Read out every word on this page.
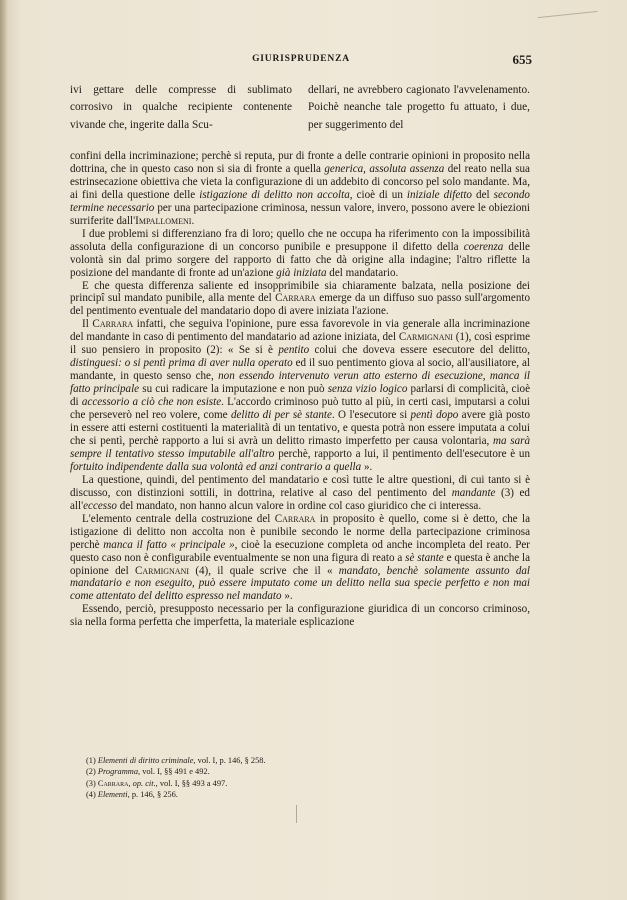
GIURISPRUDENZA	655
ivi gettare delle compresse di sublimato corrosivo in qualche recipiente contenente vivande che, ingerite dalla Scu-
dellari, ne avrebbero cagionato l'avvelenamento. Poichè neanche tale progetto fu attuato, i due, per suggerimento del

confini della incriminazione; perchè si reputa, pur di fronte a delle contrarie opinioni in proposito nella dottrina, che in questo caso non si sia di fronte a quella generica, assoluta assenza del reato nella sua estrinsecazione obiettiva che vieta la configurazione di un addebito di concorso pel solo mandante. Ma, ai fini della questione delle istigazione di delitto non accolta, cioè di un iniziale difetto del secondo termine necessario per una partecipazione criminosa, nessun valore, invero, possono avere le obiezioni surriferite dall'Impallomeni.

I due problemi si differenziano fra di loro; quello che ne occupa ha riferimento con la impossibilità assoluta della configurazione di un concorso punibile e presuppone il difetto della coerenza delle volontà sin dal primo sorgere del rapporto di fatto che dà origine alla indagine; l'altro riflette la posizione del mandante di fronte ad un'azione già iniziata del mandatario.

E che questa differenza saliente ed insopprimibile sia chiaramente balzata, nella posizione dei principî sul mandato punibile, alla mente del Carrara emerge da un diffuso suo passo sull'argomento del pentimento eventuale del mandatario dopo di avere iniziata l'azione.

Il Carrara infatti, che seguiva l'opinione, pure essa favorevole in via generale alla incriminazione del mandante in caso di pentimento del mandatario ad azione iniziata, del Carmignani (1), così esprime il suo pensiero in proposito (2): « Se si è pentito colui che doveva essere esecutore del delitto, distinguesi: o si pentì prima di aver nulla operato ed il suo pentimento giova al socio, all'ausiliatore, al mandante, in questo senso che, non essendo intervenuto verun atto esterno di esecuzione, manca il fatto principale su cui radicare la imputazione e non può senza vizio logico parlarsi di complicità, cioè di accessorio a ciò che non esiste. L'accordo criminoso può tutto al più, in certi casi, imputarsi a colui che perseverò nel reo volere, come delitto di per sè stante. O l'esecutore si pentì dopo avere già posto in essere atti esterni costituenti la materialità di un tentativo, e questa potrà non essere imputata a colui che si pentì, perchè rapporto a lui si avrà un delitto rimasto imperfetto per causa volontaria, ma sarà sempre il tentativo stesso imputabile all'altro perchè, rapporto a lui, il pentimento dell'esecutore è un fortuito indipendente dalla sua volontà ed anzi contrario a quella ».

La questione, quindi, del pentimento del mandatario e così tutte le altre questioni, di cui tanto si è discusso, con distinzioni sottili, in dottrina, relative al caso del pentimento del mandante (3) ed all'eccesso del mandato, non hanno alcun valore in ordine col caso giuridico che ci interessa.

L'elemento centrale della costruzione del Carrara in proposito è quello, come si è detto, che la istigazione di delitto non accolta non è punibile secondo le norme della partecipazione criminosa perchè manca il fatto « principale », cioè la esecuzione completa od anche incompleta del reato. Per questo caso non è configurabile eventualmente se non una figura di reato a sè stante e questa è anche la opinione del Carmignani (4), il quale scrive che il « mandato, benchè solamente assunto dal mandatario e non eseguito, può essere imputato come un delitto nella sua specie perfetto e non mai come attentato del delitto espresso nel mandato ».

Essendo, perciò, presupposto necessario per la configurazione giuridica di un concorso criminoso, sia nella forma perfetta che imperfetta, la materiale esplicazione

(1) Elementi di diritto criminale, vol. I, p. 146, § 258.
(2) Programma, vol. I, §§ 491 e 492.
(3) Carrara, op. cit., vol. I, §§ 493 a 497.
(4) Elementi, p. 146, § 256.
